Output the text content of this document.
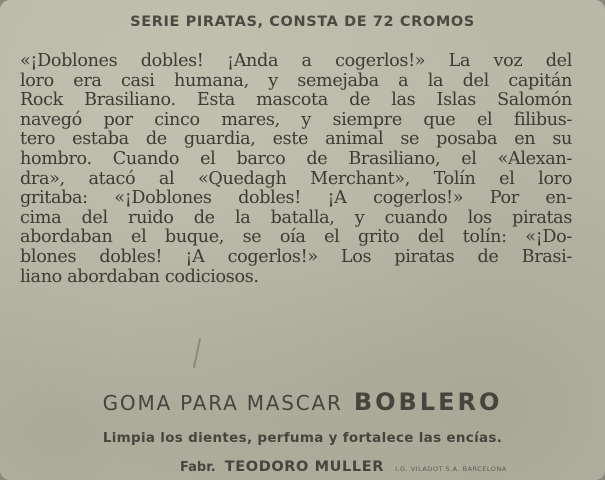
SERIE PIRATAS, CONSTA DE 72 CROMOS

«¡Doblones dobles! ¡Anda a cogerlos!» La voz del
loro era casi humana, y semejaba a la del capitán
Rock Brasiliano. Esta mascota de las Islas Salomón
navegó por cinco mares, y siempre que el filibus-
tero estaba de guardia, este animal se posaba en su
hombro. Cuando el barco de Brasiliano, el «Alexan-
dra», atacó al «Quedagh Merchant», Tolín el loro
gritaba: «¡Doblones dobles! ¡A cogerlos!» Por en-
cima del ruido de la batalla, y cuando los piratas
abordaban el buque, se oía el grito del tolín: «¡Do-
blones dobles! ¡A cogerlos!» Los piratas de Brasi-
liano abordaban codiciosos.

GOMA PARA MASCAR BOBLERO
Limpia los dientes, perfuma y fortalece las encías.
Fabr. TEODORO MULLER I.G. VILADOT S.A. BARCELONA
